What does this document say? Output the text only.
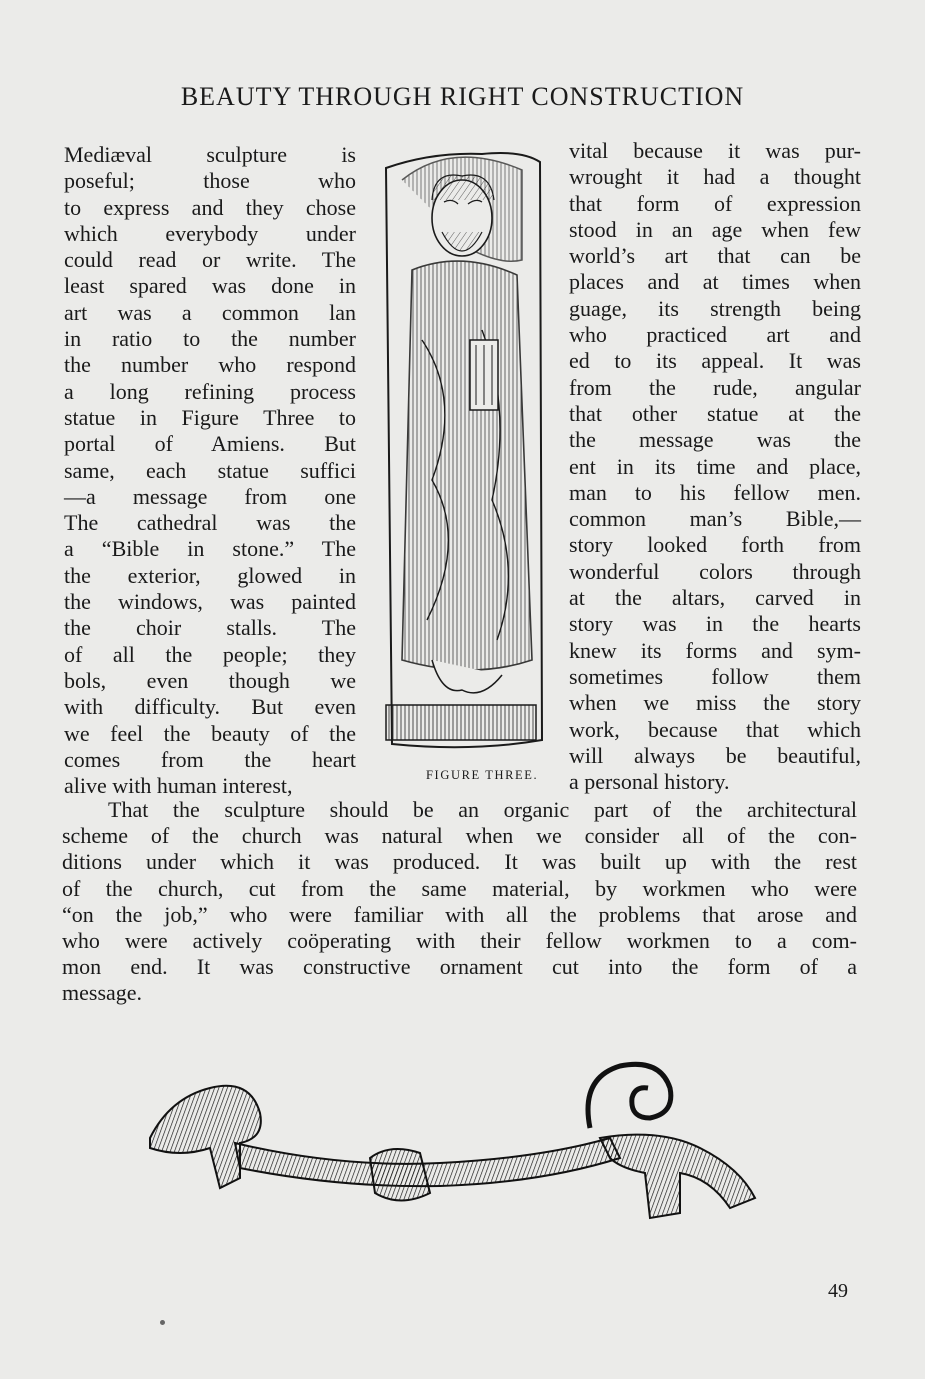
BEAUTY THROUGH RIGHT CONSTRUCTION
Mediæval sculpture is
poseful; those who
to express and they chose
which everybody under
could read or write. The
least spared was done in
art was a common lan
in ratio to the number
the number who respond
a long refining process
statue in Figure Three to
portal of Amiens. But
same, each statue suffici
—a message from one
The cathedral was the
a “Bible in stone.” The
the exterior, glowed in
the windows, was painted
the choir stalls. The
of all the people; they
bols, even though we
with difficulty. But even
we feel the beauty of the
comes from the heart
alive with human interest,	FIGURE THREE.
vital because it was pur-
wrought it had a thought
that form of expression
stood in an age when few
world’s art that can be
places and at times when
guage, its strength being
who practiced art and
ed to its appeal. It was
from the rude, angular
that other statue at the
the message was the
ent in its time and place,
man to his fellow men.
common man’s Bible,—
story looked forth from
wonderful colors through
at the altars, carved in
story was in the hearts
knew its forms and sym-
sometimes follow them
when we miss the story
work, because that which
will always be beautiful,
a personal history.
That the sculpture should be an organic part of the architectural
scheme of the church was natural when we consider all of the con-
ditions under which it was produced. It was built up with the rest
of the church, cut from the same material, by workmen who were
“on the job,” who were familiar with all the problems that arose and
who were actively coöperating with their fellow workmen to a com-
mon end. It was constructive ornament cut into the form of a
message.
49
